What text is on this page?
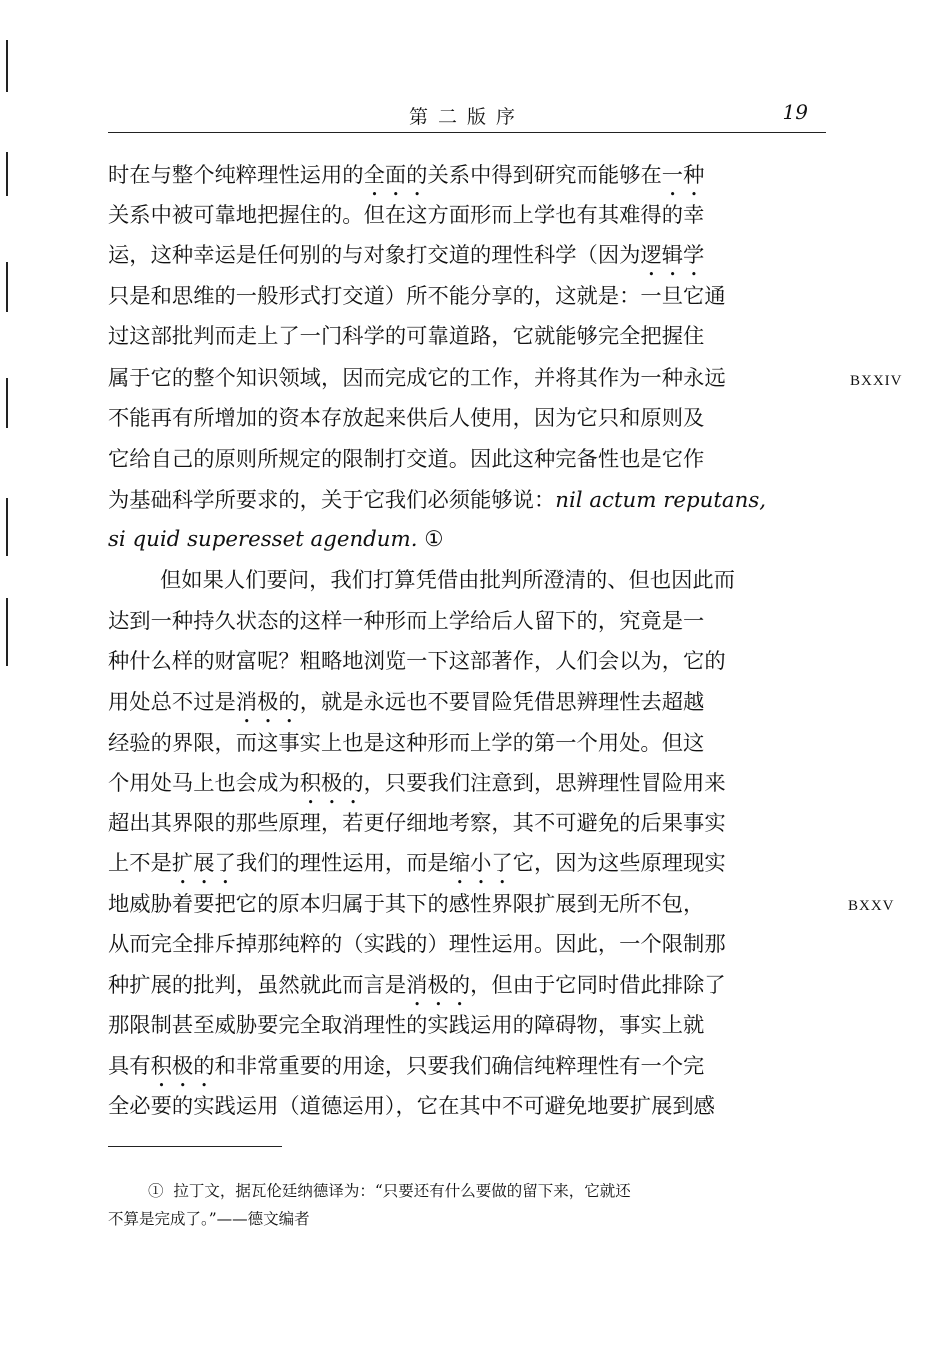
第二版序	19
BXXIV
BXXV
时在与整个纯粹理性运用的全面的关系中得到研究而能够在一种
关系中被可靠地把握住的。但在这方面形而上学也有其难得的幸
运，这种幸运是任何别的与对象打交道的理性科学（因为逻辑学
只是和思维的一般形式打交道）所不能分享的，这就是：一旦它通
过这部批判而走上了一门科学的可靠道路，它就能够完全把握住
属于它的整个知识领域，因而完成它的工作，并将其作为一种永远
不能再有所增加的资本存放起来供后人使用，因为它只和原则及
它给自己的原则所规定的限制打交道。因此这种完备性也是它作
为基础科学所要求的，关于它我们必须能够说：nil actum reputans,
si quid superesset agendum. ①
但如果人们要问，我们打算凭借由批判所澄清的、但也因此而
达到一种持久状态的这样一种形而上学给后人留下的，究竟是一
种什么样的财富呢？粗略地浏览一下这部著作，人们会以为，它的
用处总不过是消极的，就是永远也不要冒险凭借思辨理性去超越
经验的界限，而这事实上也是这种形而上学的第一个用处。但这
个用处马上也会成为积极的，只要我们注意到，思辨理性冒险用来
超出其界限的那些原理，若更仔细地考察，其不可避免的后果事实
上不是扩展了我们的理性运用，而是缩小了它，因为这些原理现实
地威胁着要把它的原本归属于其下的感性界限扩展到无所不包，
从而完全排斥掉那纯粹的（实践的）理性运用。因此，一个限制那
种扩展的批判，虽然就此而言是消极的，但由于它同时借此排除了
那限制甚至威胁要完全取消理性的实践运用的障碍物，事实上就
具有积极的和非常重要的用途，只要我们确信纯粹理性有一个完
全必要的实践运用（道德运用），它在其中不可避免地要扩展到感
① 拉丁文，据瓦伦廷纳德译为：“只要还有什么要做的留下来，它就还
不算是完成了。”——德文编者
